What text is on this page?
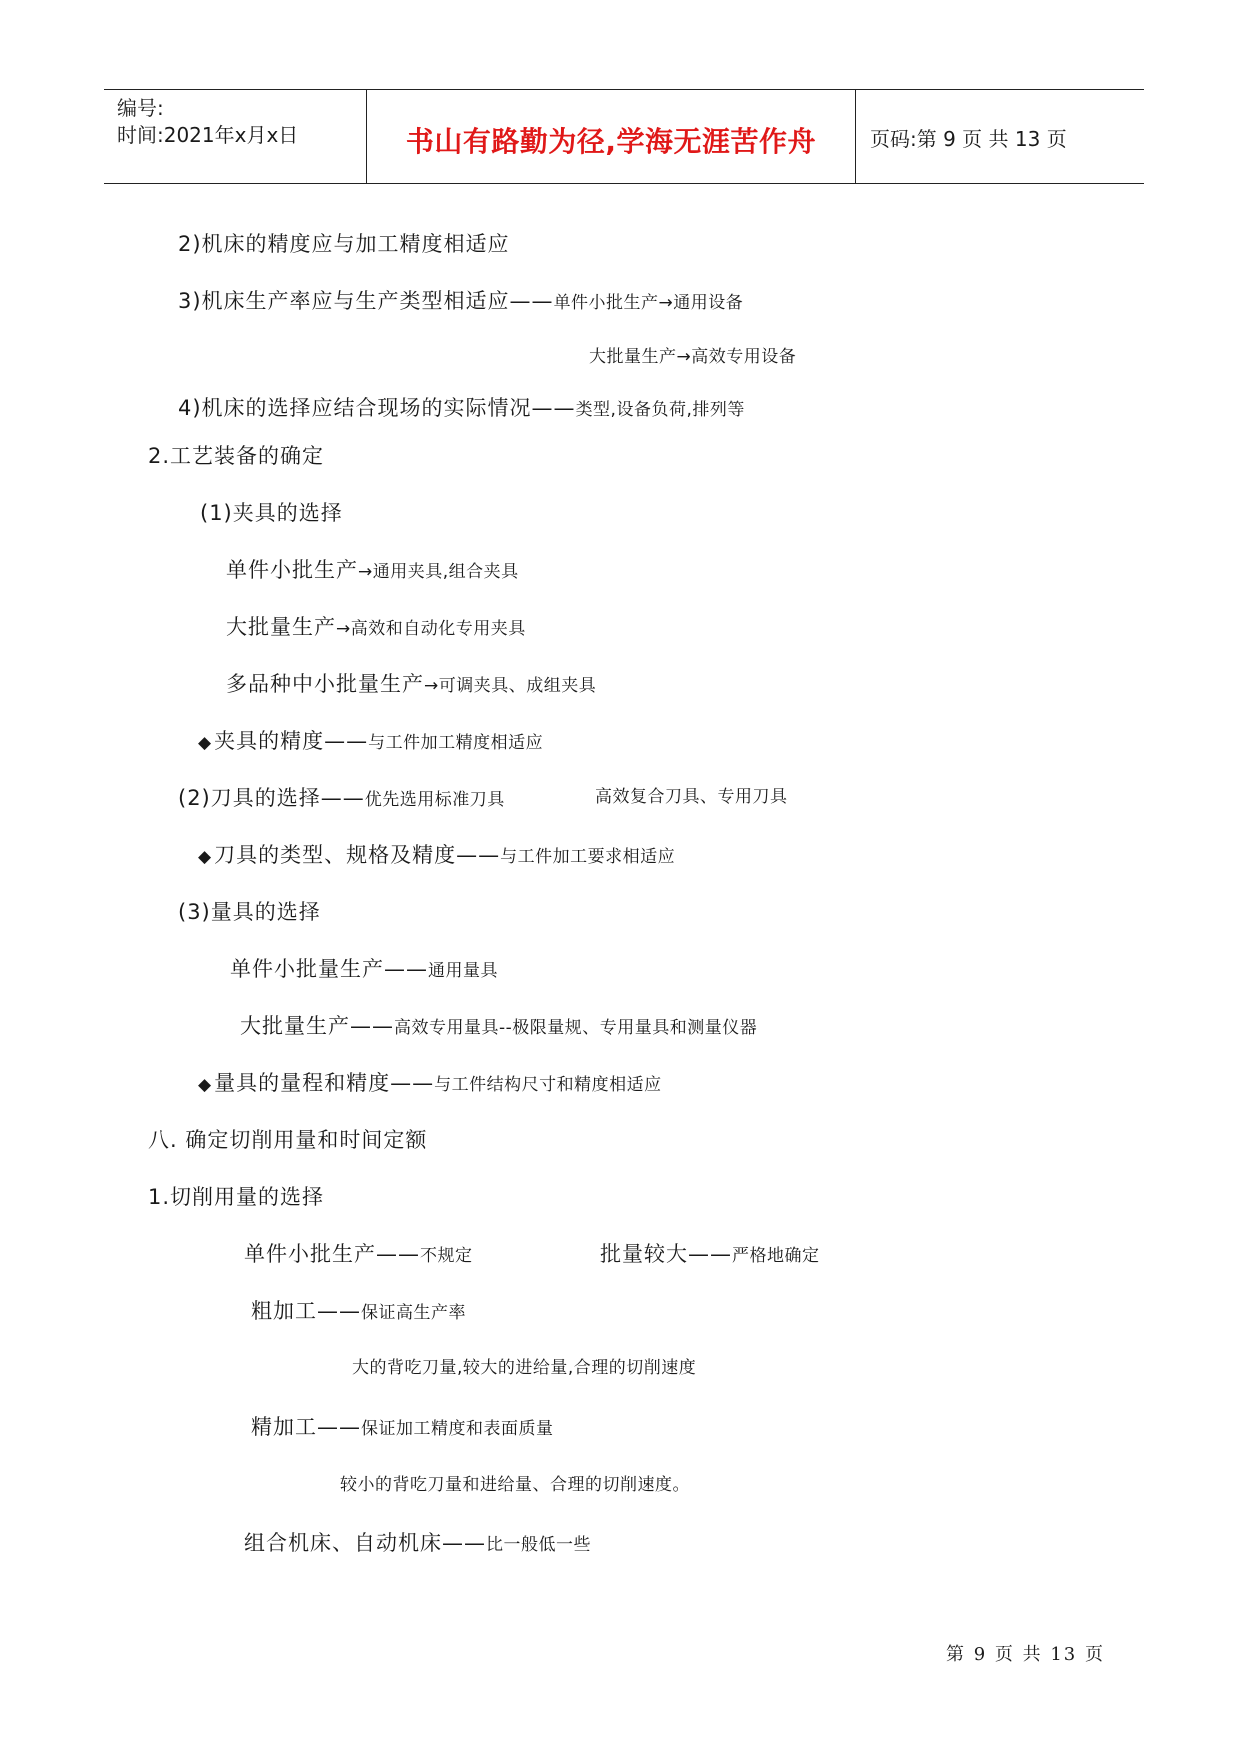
编号:
时间:2021年x月x日	书山有路勤为径,学海无涯苦作舟	页码:第 9 页 共 13 页
2)机床的精度应与加工精度相适应
3)机床生产率应与生产类型相适应——单件小批生产→通用设备
大批量生产→高效专用设备
4)机床的选择应结合现场的实际情况——类型,设备负荷,排列等
2.工艺装备的确定
(1)夹具的选择
单件小批生产→通用夹具,组合夹具
大批量生产→高效和自动化专用夹具
多品种中小批量生产→可调夹具、成组夹具
◆夹具的精度——与工件加工精度相适应
(2)刀具的选择——优先选用标准刀具	高效复合刀具、专用刀具
◆刀具的类型、规格及精度——与工件加工要求相适应
(3)量具的选择
单件小批量生产——通用量具
大批量生产——高效专用量具--极限量规、专用量具和测量仪器
◆量具的量程和精度——与工件结构尺寸和精度相适应
八. 确定切削用量和时间定额
1.切削用量的选择
单件小批生产——不规定	批量较大——严格地确定
粗加工——保证高生产率
大的背吃刀量,较大的进给量,合理的切削速度
精加工——保证加工精度和表面质量
较小的背吃刀量和进给量、合理的切削速度。
组合机床、自动机床——比一般低一些
第 9 页 共 13 页
